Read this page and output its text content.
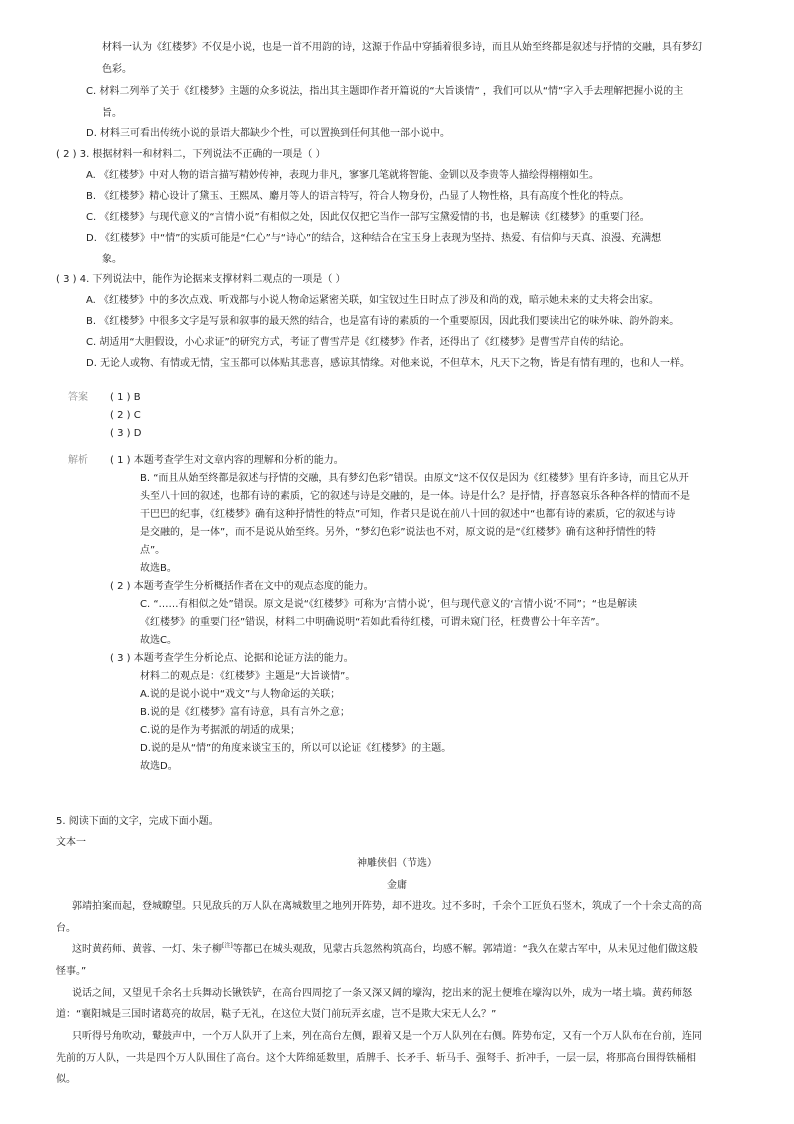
材料一认为《红楼梦》不仅是小说，也是一首不用韵的诗，这源于作品中穿插着很多诗，而且从始至终都是叙述与抒情的交融，具有梦幻
色彩。
C. 材料二列举了关于《红楼梦》主题的众多说法，指出其主题即作者开篇说的“大旨谈情” ，我们可以从“情”字入手去理解把握小说的主
旨。
D. 材料三可看出传统小说的景语大都缺少个性，可以置换到任何其他一部小说中。
( 2 ) 3. 根据材料一和材料二，下列说法不正确的一项是（ ）
A. 《红楼梦》中对人物的语言描写精妙传神，表现力非凡，寥寥几笔就将智能、金钏以及李贵等人描绘得栩栩如生。
B. 《红楼梦》精心设计了黛玉、王熙凤、麝月等人的语言特写，符合人物身份，凸显了人物性格，具有高度个性化的特点。
C. 《红楼梦》与现代意义的“言情小说”有相似之处，因此仅仅把它当作一部写宝黛爱情的书，也是解读《红楼梦》的重要门径。
D. 《红楼梦》中“情”的实质可能是“仁心”与“诗心”的结合，这种结合在宝玉身上表现为坚持、热爱、有信仰与天真、浪漫、充满想
象。
( 3 ) 4. 下列说法中，能作为论据来支撑材料二观点的一项是（ ）
A. 《红楼梦》中的多次点戏、听戏都与小说人物命运紧密关联，如宝钗过生日时点了涉及和尚的戏，暗示她未来的丈夫将会出家。
B. 《红楼梦》中很多文字是写景和叙事的最天然的结合，也是富有诗的素质的一个重要原因，因此我们要读出它的味外味、韵外韵来。
C. 胡适用“大胆假设，小心求证”的研究方式，考证了曹雪芹是《红楼梦》作者，还得出了《红楼梦》是曹雪芹自传的结论。
D. 无论人或物、有情或无情，宝玉都可以体贴其悲喜，感谅其情缘。对他来说，不但草木，凡天下之物，皆是有情有理的，也和人一样。
答案 ( 1 ) B
( 2 ) C
( 3 ) D
解析 ( 1 ) 本题考查学生对文章内容的理解和分析的能力。
B. “而且从始至终都是叙述与抒情的交融，具有梦幻色彩”错误。由原文“这不仅仅是因为《红楼梦》里有许多诗，而且它从开
头至八十回的叙述，也都有诗的素质，它的叙述与诗是交融的，是一体。诗是什么？是抒情，抒喜怒哀乐各种各样的情而不是
干巴巴的纪事，《红楼梦》确有这种抒情性的特点”可知，作者只是说在前八十回的叙述中“也都有诗的素质，它的叙述与诗
是交融的，是一体”，而不是说从始至终。另外，“梦幻色彩”说法也不对，原文说的是“《红楼梦》确有这种抒情性的特
点”。
故选B。
( 2 ) 本题考查学生分析概括作者在文中的观点态度的能力。
C. “……有相似之处”错误。原文是说“《红楼梦》可称为‘言情小说’，但与现代意义的‘言情小说’不同”；“也是解读
《红楼梦》的重要门径”错误，材料二中明确说明“若如此看待红楼，可谓未窥门径，枉费曹公十年辛苦”。
故选C。
( 3 ) 本题考查学生分析论点、论据和论证方法的能力。
材料二的观点是：《红楼梦》主题是“大旨谈情”。
A.说的是说小说中“戏文”与人物命运的关联；
B.说的是《红楼梦》富有诗意，具有言外之意；
C.说的是作为考据派的胡适的成果；
D.说的是从“情”的角度来谈宝玉的，所以可以论证《红楼梦》的主题。
故选D。
5. 阅读下面的文字，完成下面小题。
文本一
神雕侠侣（节选）
金庸
郭靖拍案而起，登城瞭望。只见敌兵的万人队在离城数里之地列开阵势，却不进攻。过不多时，千余个工匠负石竖木，筑成了一个十余丈高的高
台。
这时黄药师、黄蓉、一灯、朱子柳[注]等都已在城头观敌，见蒙古兵忽然构筑高台，均感不解。郭靖道：“我久在蒙古军中，从未见过他们做这般
怪事。”
说话之间，又望见千余名士兵舞动长锹铁铲，在高台四周挖了一条又深又阔的壕沟，挖出来的泥土便堆在壕沟以外，成为一堵土墙。黄药师怒
道：“襄阳城是三国时诸葛亮的故居，鞑子无礼，在这位大贤门前玩弄玄虚，岂不是欺大宋无人么？”
只听得号角吹动，鼙鼓声中，一个万人队开了上来，列在高台左侧，跟着又是一个万人队列在右侧。阵势布定，又有一个万人队布在台前，连同
先前的万人队，一共是四个万人队围住了高台。这个大阵绵延数里，盾牌手、长矛手、斩马手、强弩手、折冲手，一层一层，将那高台围得铁桶相
似。
